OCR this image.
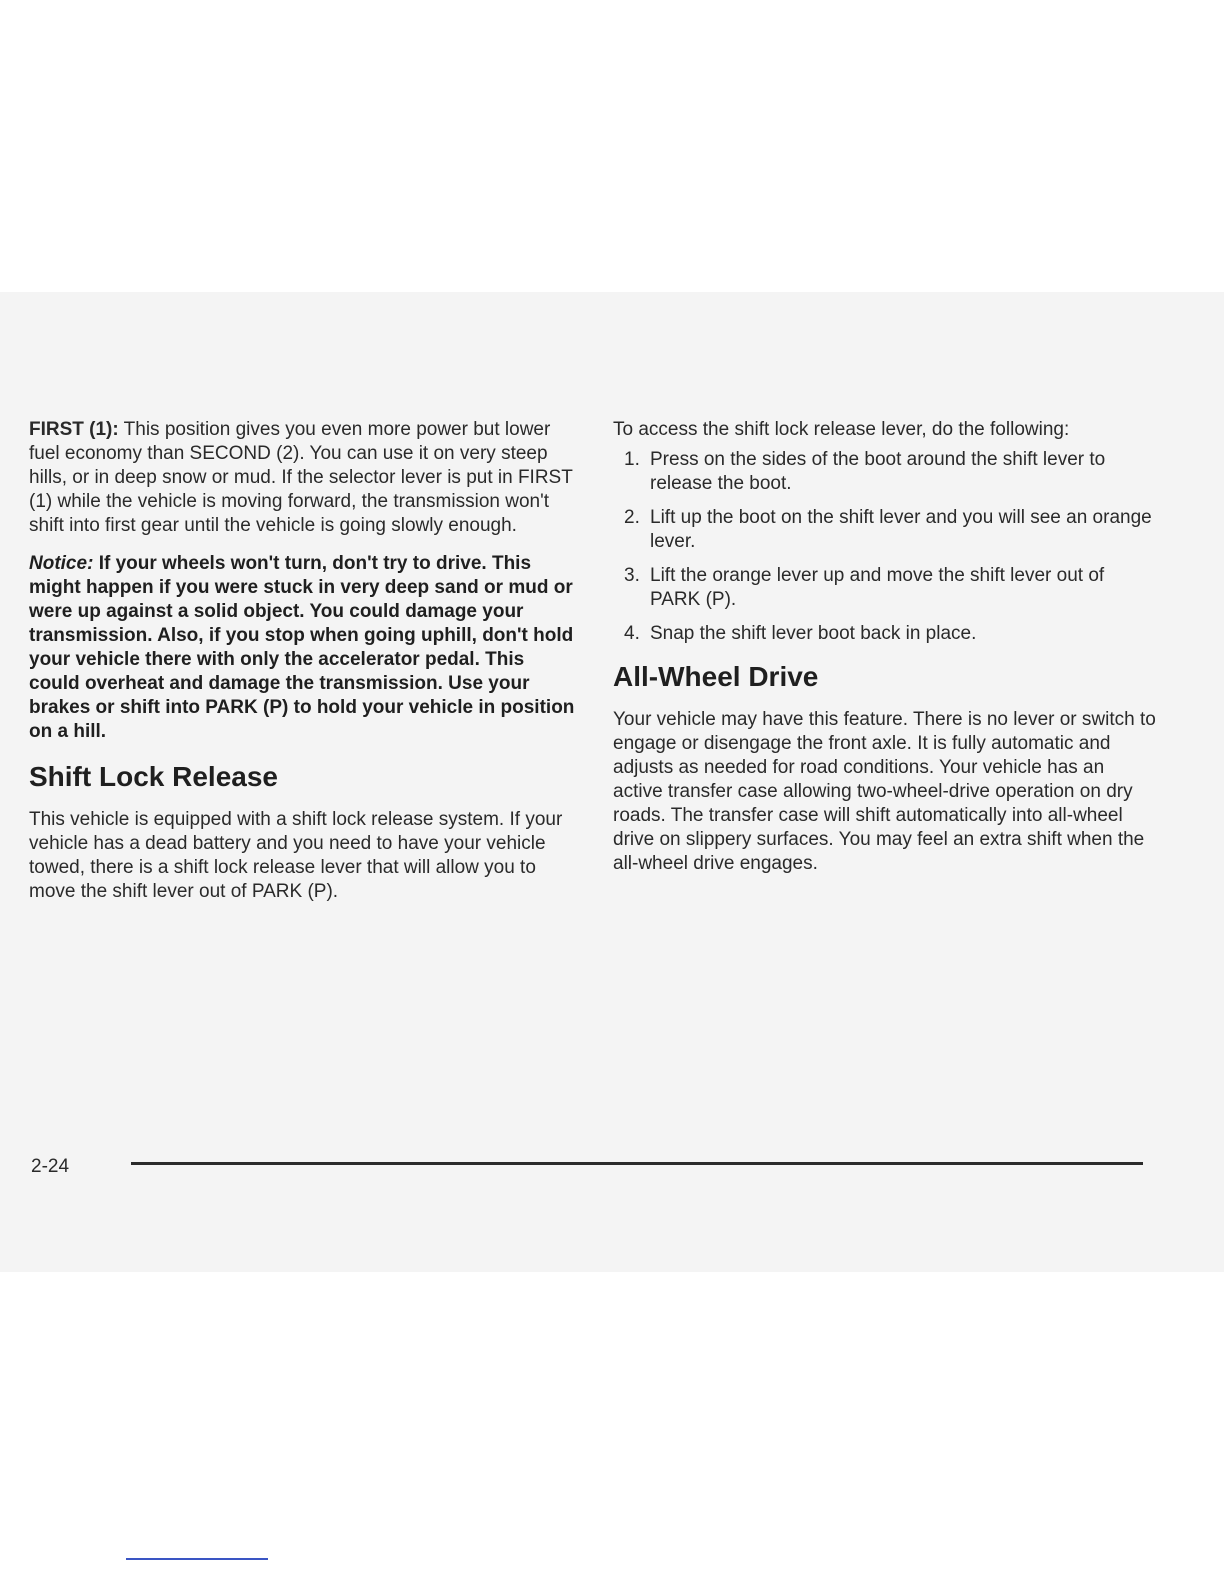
FIRST (1): This position gives you even more power but lower fuel economy than SECOND (2). You can use it on very steep hills, or in deep snow or mud. If the selector lever is put in FIRST (1) while the vehicle is moving forward, the transmission won't shift into first gear until the vehicle is going slowly enough.

Notice: If your wheels won't turn, don't try to drive. This might happen if you were stuck in very deep sand or mud or were up against a solid object. You could damage your transmission. Also, if you stop when going uphill, don't hold your vehicle there with only the accelerator pedal. This could overheat and damage the transmission. Use your brakes or shift into PARK (P) to hold your vehicle in position on a hill.

Shift Lock Release

This vehicle is equipped with a shift lock release system. If your vehicle has a dead battery and you need to have your vehicle towed, there is a shift lock release lever that will allow you to move the shift lever out of PARK (P).

To access the shift lock release lever, do the following:

1. Press on the sides of the boot around the shift lever to release the boot.
2. Lift up the boot on the shift lever and you will see an orange lever.
3. Lift the orange lever up and move the shift lever out of PARK (P).
4. Snap the shift lever boot back in place.
All-Wheel Drive

Your vehicle may have this feature. There is no lever or switch to engage or disengage the front axle. It is fully automatic and adjusts as needed for road conditions. Your vehicle has an active transfer case allowing two-wheel-drive operation on dry roads. The transfer case will shift automatically into all-wheel drive on slippery surfaces. You may feel an extra shift when the all-wheel drive engages.

2-24
